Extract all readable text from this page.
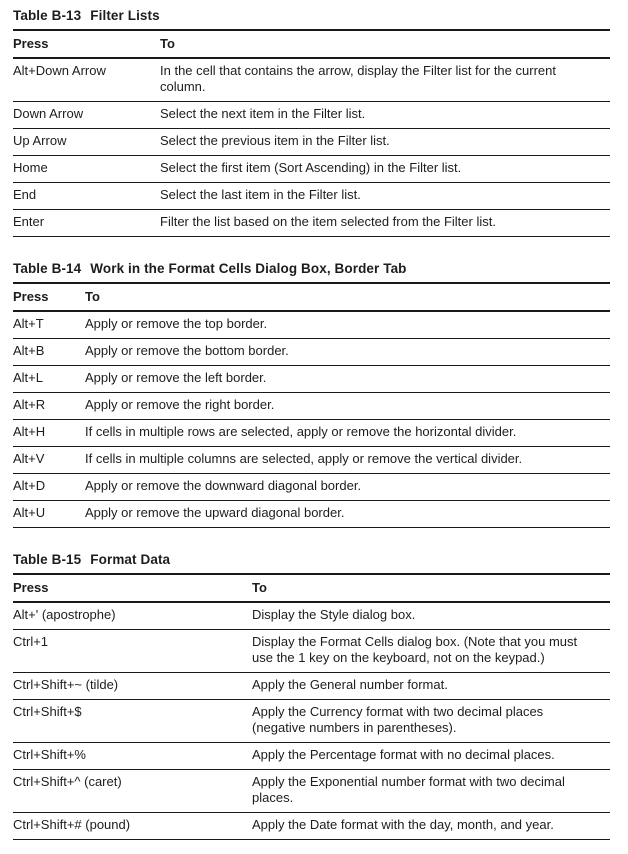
Table B-13 Filter Lists
Press	To
Alt+Down Arrow	In the cell that contains the arrow, display the Filter list for the current column.
Down Arrow	Select the next item in the Filter list.
Up Arrow	Select the previous item in the Filter list.
Home	Select the first item (Sort Ascending) in the Filter list.
End	Select the last item in the Filter list.
Enter	Filter the list based on the item selected from the Filter list.
Table B-14 Work in the Format Cells Dialog Box, Border Tab
Press	To
Alt+T	Apply or remove the top border.
Alt+B	Apply or remove the bottom border.
Alt+L	Apply or remove the left border.
Alt+R	Apply or remove the right border.
Alt+H	If cells in multiple rows are selected, apply or remove the horizontal divider.
Alt+V	If cells in multiple columns are selected, apply or remove the vertical divider.
Alt+D	Apply or remove the downward diagonal border.
Alt+U	Apply or remove the upward diagonal border.
Table B-15 Format Data
Press	To
Alt+' (apostrophe)	Display the Style dialog box.
Ctrl+1	Display the Format Cells dialog box. (Note that you must use the 1 key on the keyboard, not on the keypad.)
Ctrl+Shift+~ (tilde)	Apply the General number format.
Ctrl+Shift+$	Apply the Currency format with two decimal places (negative numbers in parentheses).
Ctrl+Shift+%	Apply the Percentage format with no decimal places.
Ctrl+Shift+^ (caret)	Apply the Exponential number format with two decimal places.
Ctrl+Shift+# (pound)	Apply the Date format with the day, month, and year.
